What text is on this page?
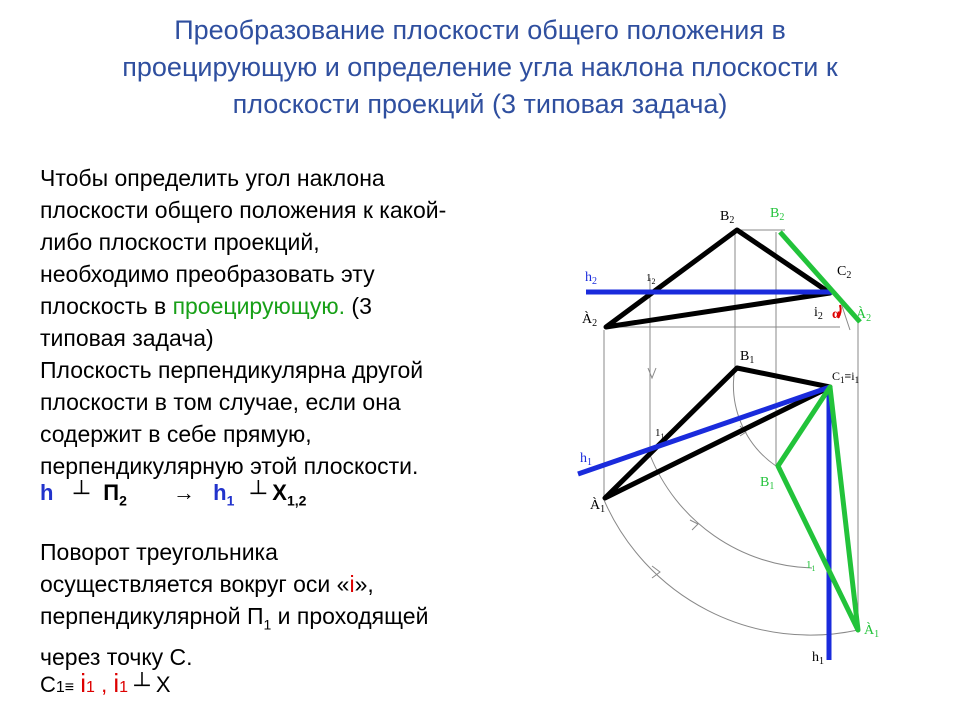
Преобразование плоскости общего положения в
проецирующую и определение угла наклона плоскости к
плоскости проекций (3 типовая задача)
Чтобы определить угол наклона
плоскости общего положения к какой-
либо плоскости проекций,
необходимо преобразовать эту
плоскость в проецирующую. (3
типовая задача)
Плоскость перпендикулярна другой
плоскости в том случае, если она
содержит в себе прямую,
перпендикулярную этой плоскости.
h ┴ $П_2 \to h_1$ ┴ $X_{1,2}$
Поворот треугольника
осуществляется вокруг оси «i»,
перпендикулярной $П_1$ и проходящей
через точку С.
С1≡ i1 , i1 ┴ X
$B_2$	$B_2$
$h_2$	$1_2$
$C_2$
$À_2$
$i_2$ α $À_2$
$B_1$
$C_1\equiv i_1$
$1_1$
$h_1$
$B_1$
$À_1$
$1_1$
$À_1$
$h_1$
